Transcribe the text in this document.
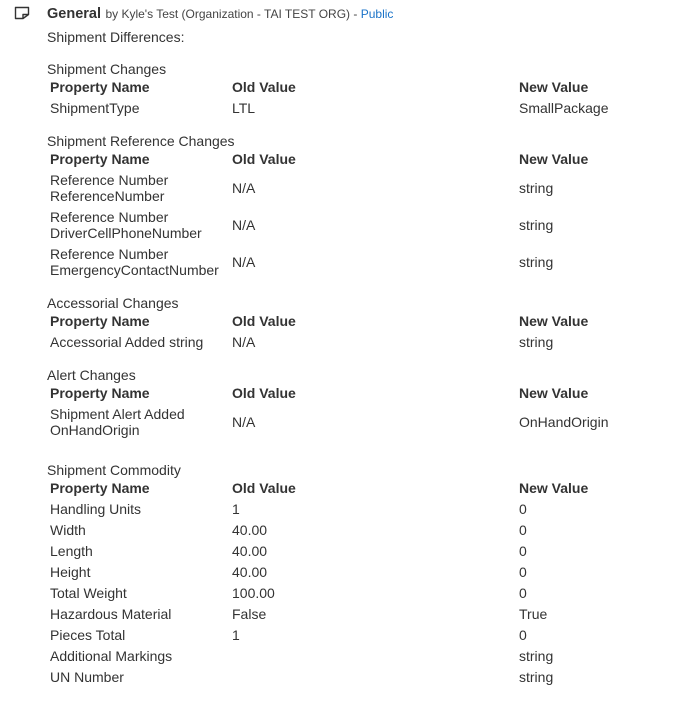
General by Kyle's Test (Organization - TAI TEST ORG) - Public
Shipment Differences:
Shipment Changes
Property Name	Old Value	New Value
ShipmentType	LTL	SmallPackage
Shipment Reference Changes
Property Name	Old Value	New Value
Reference Number
ReferenceNumber	N/A	string
Reference Number
DriverCellPhoneNumber	N/A	string
Reference Number
EmergencyContactNumber	N/A	string
Accessorial Changes
Property Name	Old Value	New Value
Accessorial Added string	N/A	string
Alert Changes
Property Name	Old Value	New Value
Shipment Alert Added
OnHandOrigin	N/A	OnHandOrigin
Shipment Commodity
Property Name	Old Value	New Value
Handling Units	1	0
Width	40.00	0
Length	40.00	0
Height	40.00	0
Total Weight	100.00	0
Hazardous Material	False	True
Pieces Total	1	0
Additional Markings		string
UN Number		string
